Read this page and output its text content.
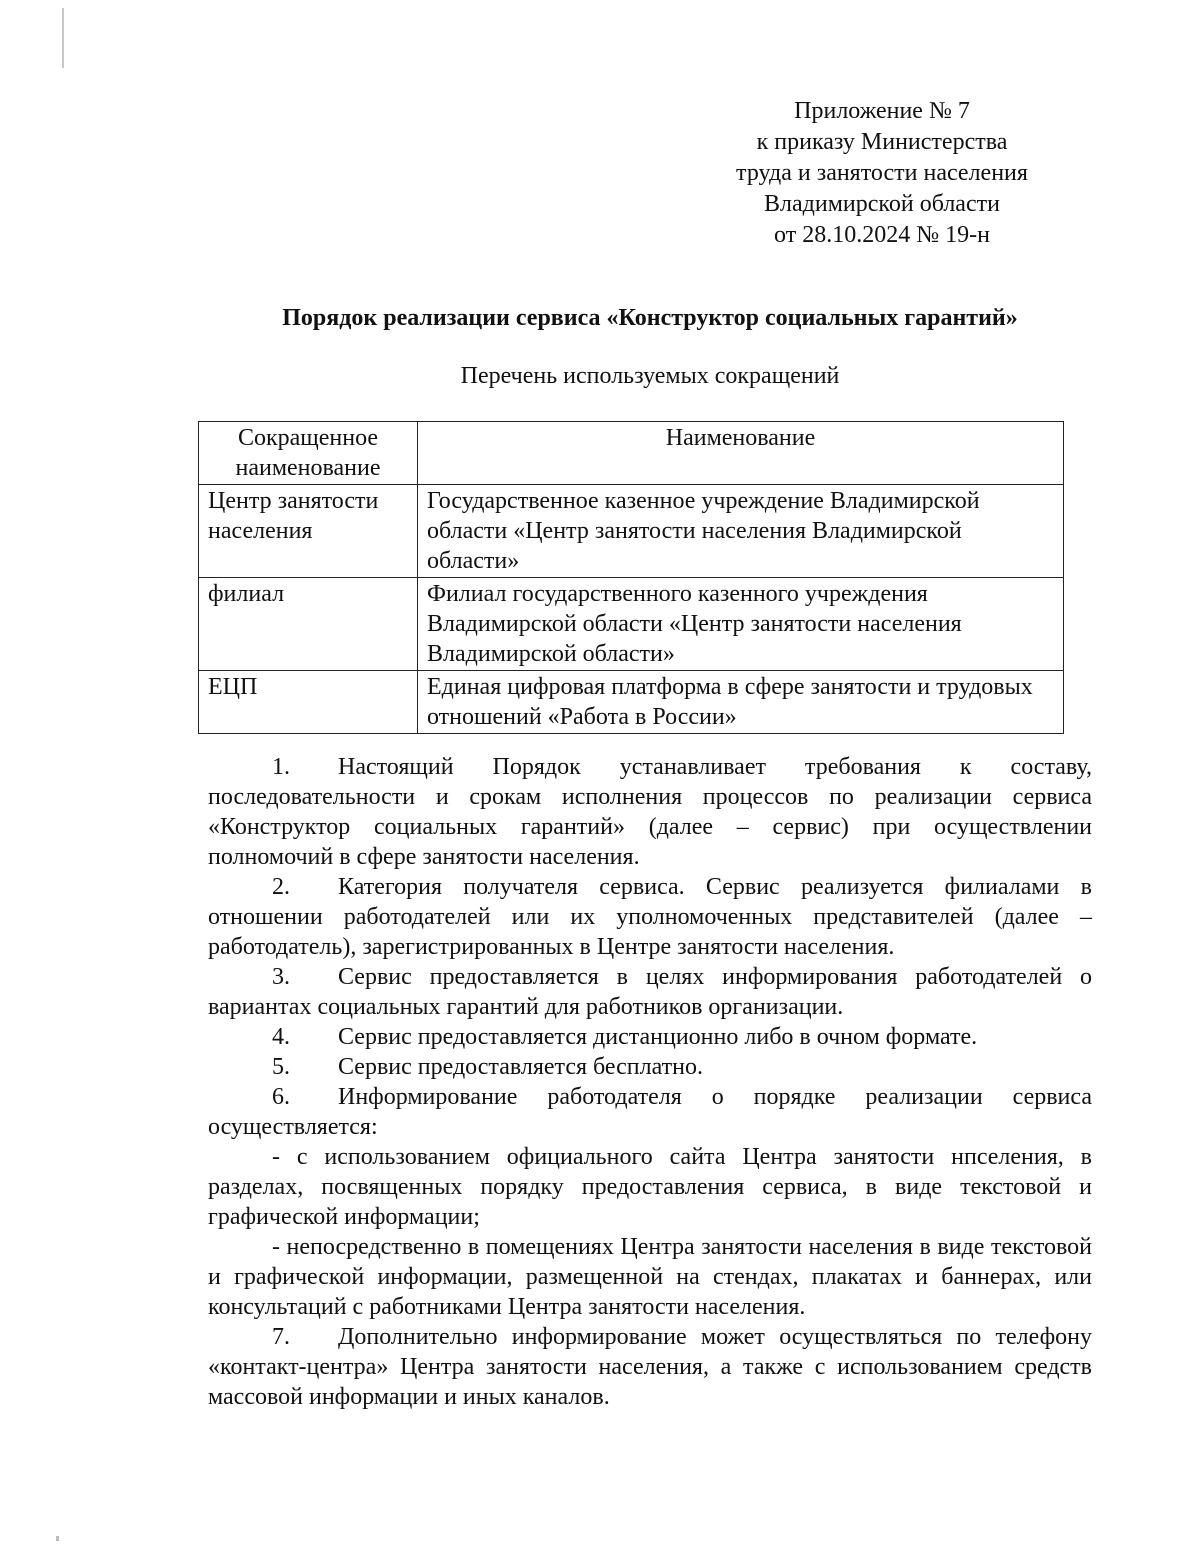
Приложение № 7
к приказу Министерства
труда и занятости населения
Владимирской области
от 28.10.2024 № 19-н
Порядок реализации сервиса «Конструктор социальных гарантий»
Перечень используемых сокращений
Сокращенное наименование	Наименование
Центр занятости населения	Государственное казенное учреждение Владимирской области «Центр занятости населения Владимирской области»
филиал	Филиал государственного казенного учреждения Владимирской области «Центр занятости населения Владимирской области»
ЕЦП	Единая цифровая платформа в сфере занятости и трудовых отношений «Работа в России»

1. Настоящий Порядок устанавливает требования к составу, последовательности и срокам исполнения процессов по реализации сервиса «Конструктор социальных гарантий» (далее – сервис) при осуществлении полномочий в сфере занятости населения.

2. Категория получателя сервиса. Сервис реализуется филиалами в отношении работодателей или их уполномоченных представителей (далее – работодатель), зарегистрированных в Центре занятости населения.

3. Сервис предоставляется в целях информирования работодателей о вариантах социальных гарантий для работников организации.

4. Сервис предоставляется дистанционно либо в очном формате.

5. Сервис предоставляется бесплатно.

6. Информирование работодателя о порядке реализации сервиса осуществляется:

- с использованием официального сайта Центра занятости нпселения, в разделах, посвященных порядку предоставления сервиса, в виде текстовой и графической информации;

- непосредственно в помещениях Центра занятости населения в виде текстовой и графической информации, размещенной на стендах, плакатах и баннерах, или консультаций с работниками Центра занятости населения.

7. Дополнительно информирование может осуществляться по телефону «контакт-центра» Центра занятости населения, а также с использованием средств массовой информации и иных каналов.
